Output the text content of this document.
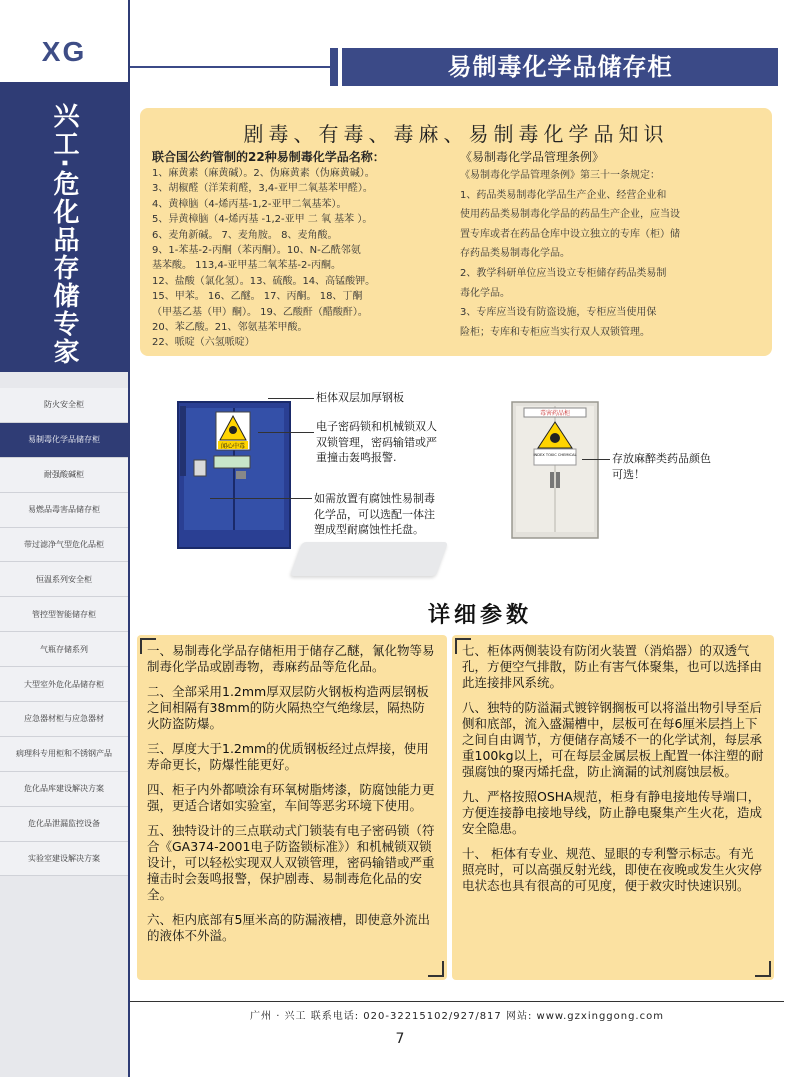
XG
兴工·危化品存储专家
防火安全柜
易制毒化学品储存柜
耐强酸碱柜
易燃品毒害品储存柜
带过滤净气型危化品柜
恒温系列安全柜
管控型智能储存柜
气瓶存储系列
大型室外危化品储存柜
应急器材柜与应急器材
病理科专用柜和不锈钢产品
危化品库建设解决方案
危化品泄漏监控设备
实验室建设解决方案
易制毒化学品储存柜
剧毒、有毒、毒麻、易制毒化学品知识
联合国公约管制的22种易制毒化学品名称：
1、麻黄素（麻黄碱）。2、伪麻黄素（伪麻黄碱）。
3、胡椒醛（洋茉莉醛，3,4-亚甲二氧基苯甲醛）。
4、黄樟脑（4-烯丙基-1,2-亚甲二氧基苯）。
5、异黄樟脑（4-烯丙基 -1,2-亚甲 二 氧 基苯 ）。
6、麦角新碱。 7、麦角胺。 8、麦角酸。
9、1-苯基-2-丙酮（苯丙酮）。10、N-乙酰邻氨
基苯酸。 113,4-亚甲基二氧苯基-2-丙酮。
12、盐酸（氯化氢）。13、硫酸。14、高锰酸钾。
15、甲苯。 16、乙醚。 17、丙酮。 18、丁酮
（甲基乙基（甲）酮）。 19、乙酸酐（醋酸酐）。
20、苯乙酸。21、邻氨基苯甲酸。
22、哌啶（六氢哌啶）
《易制毒化学品管理条例》
《易制毒化学品管理条例》第三十一条规定：
1、药品类易制毒化学品生产企业、经营企业和
使用药品类易制毒化学品的药品生产企业，应当设
置专库或者在药品仓库中设立独立的专库（柜）储
存药品类易制毒化学品。
2、教学科研单位应当设立专柜储存药品类易制
毒化学品。
3、专库应当设有防盗设施，专柜应当使用保
险柜；专库和专柜应当实行双人双锁管理。
闻心中毒
毒害药品柜
INDEX TOXIC CHEMICAL
柜体双层加厚钢板
电子密码锁和机械锁双人双锁管理，密码输错或严重撞击轰鸣报警.
如需放置有腐蚀性易制毒化学品，可以选配一体注塑成型耐腐蚀性托盘。
存放麻醉类药品颜色可选！
详细参数

一、易制毒化学品存储柜用于储存乙醚，氰化物等易制毒化学品或剧毒物，毒麻药品等危化品。

二、全部采用1.2mm厚双层防火钢板构造两层钢板之间相隔有38mm的防火隔热空气绝缘层，隔热防火防盗防爆。

三、厚度大于1.2mm的优质钢板经过点焊接，使用寿命更长，防爆性能更好。

四、柜子内外都喷涂有环氧树脂烤漆，防腐蚀能力更强，更适合诸如实验室，车间等恶劣环境下使用。

五、独特设计的三点联动式门锁装有电子密码锁（符合《GA374-2001电子防盗锁标准》）和机械锁双锁设计，可以轻松实现双人双锁管理，密码输错或严重撞击时会轰鸣报警，保护剧毒、易制毒危化品的安全。

六、柜内底部有5厘米高的防漏液槽，即使意外流出的液体不外溢。

七、柜体两侧装设有防闭火装置（消焰器）的双透气孔，方便空气排散，防止有害气体聚集，也可以选择由此连接排风系统。

八、独特的防溢漏式镀锌钢搁板可以将溢出物引导至后侧和底部，流入盛漏槽中，层板可在每6厘米层挡上下之间自由调节，方便储存高矮不一的化学试剂，每层承重100kg以上，可在每层金属层板上配置一体注塑的耐强腐蚀的聚丙烯托盘，防止滴漏的试剂腐蚀层板。

九、严格按照OSHA规范，柜身有静电接地传导端口，方便连接静电接地导线，防止静电聚集产生火花，造成安全隐患。

十、 柜体有专业、规范、显眼的专利警示标志。有光照亮时，可以高强反射光线，即使在夜晚或发生火灾停电状态也具有很高的可见度，便于救灾时快速识别。

广州 · 兴工 联系电话: 020-32215102/927/817 网站: www.gzxinggong.com
7
